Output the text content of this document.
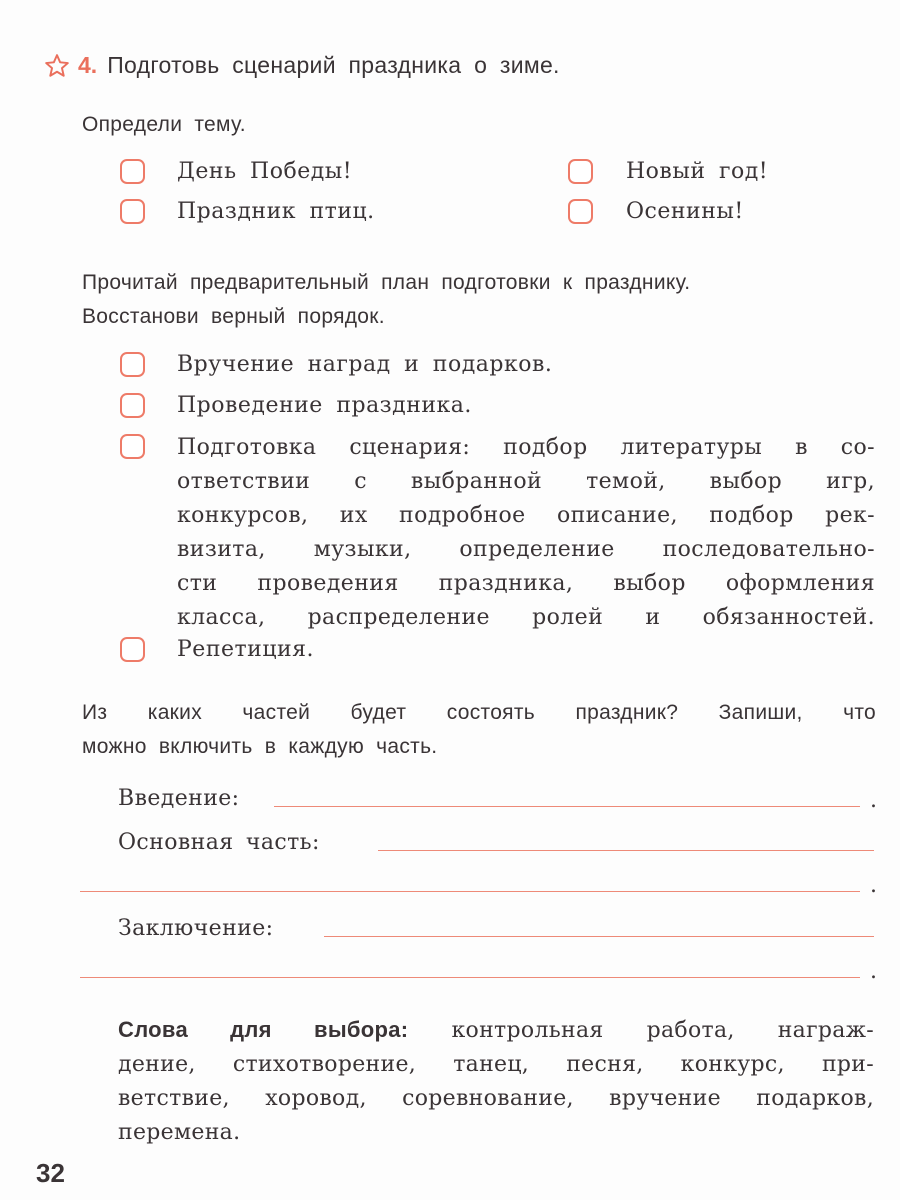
4. Подготовь сценарий праздника о зиме.
Определи тему.
День Победы!	Новый год!
Праздник птиц.	Осенины!
Прочитай предварительный план подготовки к празднику.
Восстанови верный порядок.
Вручение наград и подарков.
Проведение праздника.
Подготовка сценария: подбор литературы в со-
ответствии с выбранной темой, выбор игр,
конкурсов, их подробное описание, подбор рек-
визита, музыки, определение последовательно-
сти проведения праздника, выбор оформления
класса, распределение ролей и обязанностей.
Репетиция.
Из каких частей будет состоять праздник? Запиши, что
можно включить в каждую часть.
Введение:	.
Основная часть:
.
Заключение:
.
Слова для выбора: контрольная работа, награж-
дение, стихотворение, танец, песня, конкурс, при-
ветствие, хоровод, соревнование, вручение подарков,
перемена.
32
